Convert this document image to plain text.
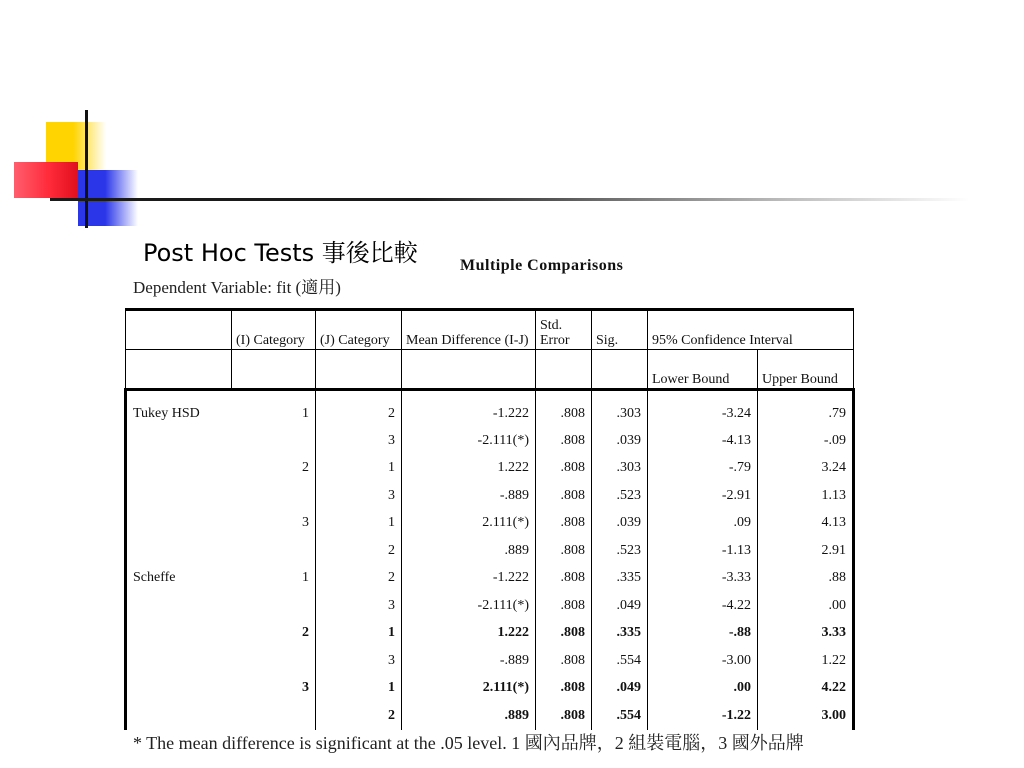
Post Hoc Tests 事後比較	Multiple Comparisons
Dependent Variable: fit (適用)
	(I) Category	(J) Category	Mean Difference (I-J)	Std. Error	Sig.	95% Confidence Interval	
						Lower Bound	Upper Bound
Tukey HSD	1	2	-1.222	.808	.303	-3.24	.79
		3	-2.111(*)	.808	.039	-4.13	-.09
	2	1	1.222	.808	.303	-.79	3.24
		3	-.889	.808	.523	-2.91	1.13
	3	1	2.111(*)	.808	.039	.09	4.13
		2	.889	.808	.523	-1.13	2.91
Scheffe	1	2	-1.222	.808	.335	-3.33	.88
		3	-2.111(*)	.808	.049	-4.22	.00
	2	1	1.222	.808	.335	-.88	3.33
		3	-.889	.808	.554	-3.00	1.22
	3	1	2.111(*)	.808	.049	.00	4.22
		2	.889	.808	.554	-1.22	3.00
* The mean difference is significant at the .05 level. 1 國內品牌，2 組裝電腦，3 國外品牌
